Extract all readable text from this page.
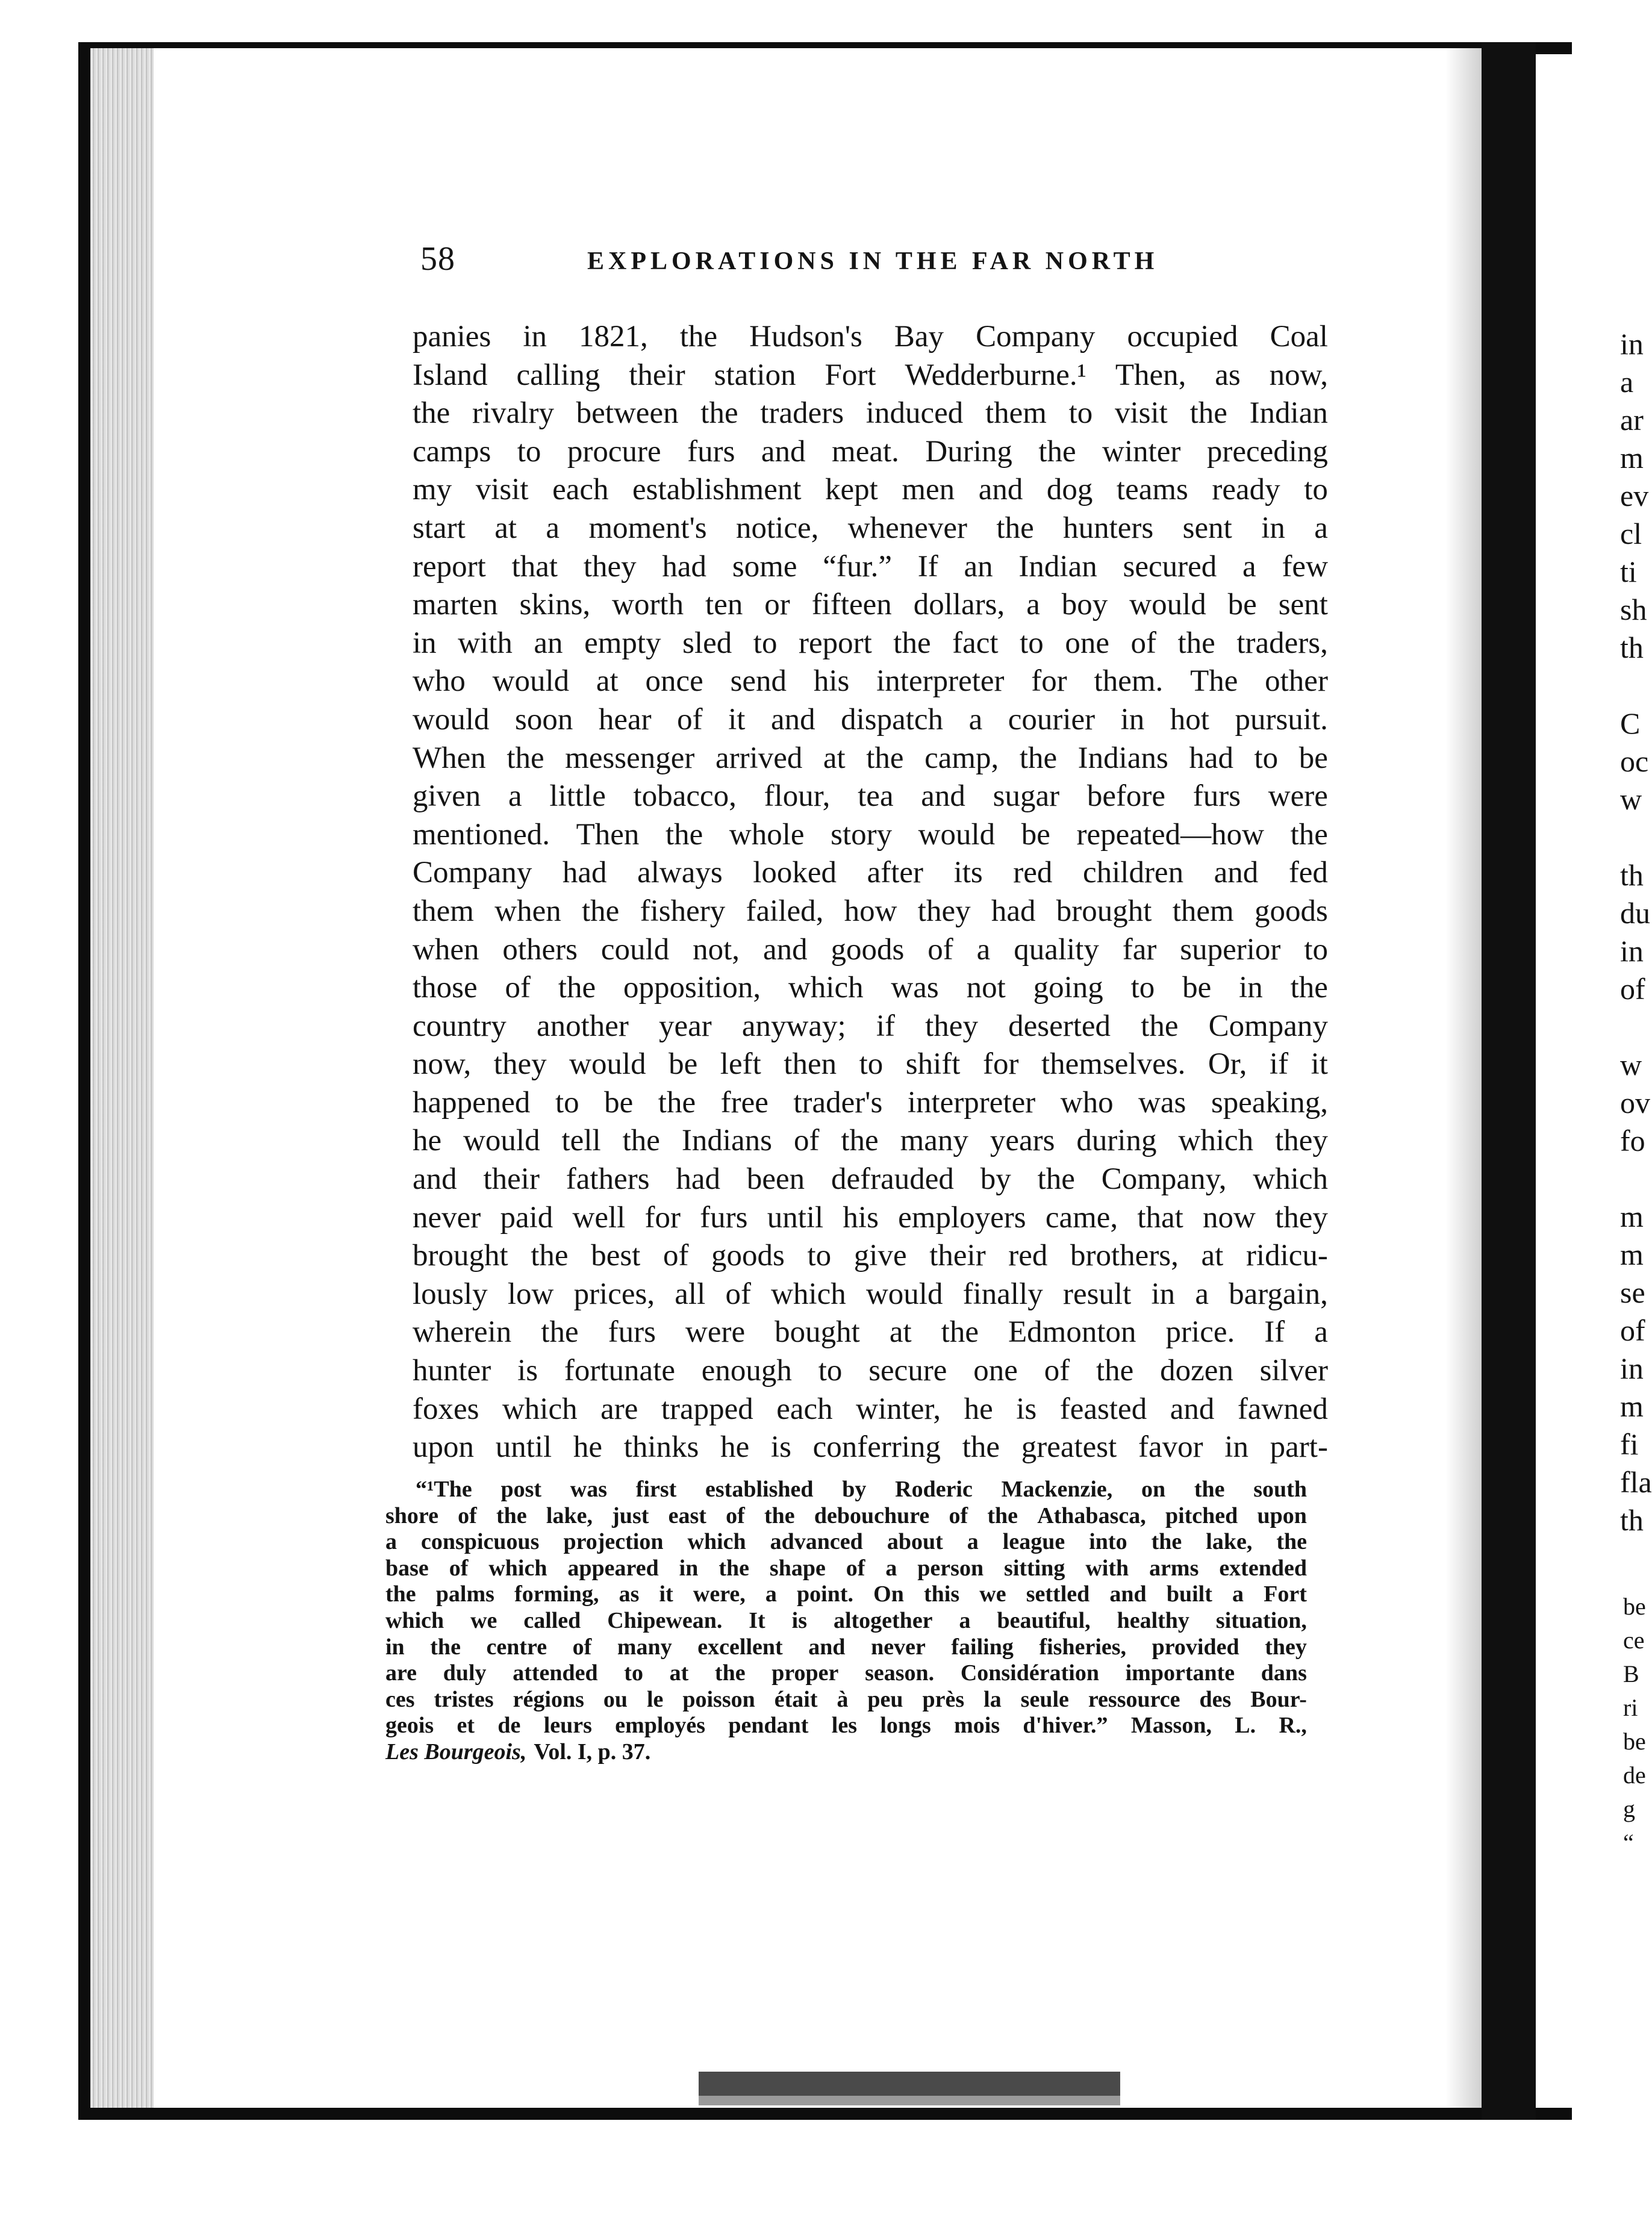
58	EXPLORATIONS IN THE FAR NORTH
panies in 1821, the Hudson's Bay Company occupied Coal
Island calling their station Fort Wedderburne.¹ Then, as now,
the rivalry between the traders induced them to visit the Indian
camps to procure furs and meat. During the winter preceding
my visit each establishment kept men and dog teams ready to
start at a moment's notice, whenever the hunters sent in a
report that they had some “fur.” If an Indian secured a few
marten skins, worth ten or fifteen dollars, a boy would be sent
in with an empty sled to report the fact to one of the traders,
who would at once send his interpreter for them. The other
would soon hear of it and dispatch a courier in hot pursuit.
When the messenger arrived at the camp, the Indians had to be
given a little tobacco, flour, tea and sugar before furs were
mentioned. Then the whole story would be repeated—how the
Company had always looked after its red children and fed
them when the fishery failed, how they had brought them goods
when others could not, and goods of a quality far superior to
those of the opposition, which was not going to be in the
country another year anyway; if they deserted the Company
now, they would be left then to shift for themselves. Or, if it
happened to be the free trader's interpreter who was speaking,
he would tell the Indians of the many years during which they
and their fathers had been defrauded by the Company, which
never paid well for furs until his employers came, that now they
brought the best of goods to give their red brothers, at ridicu-
lously low prices, all of which would finally result in a bargain,
wherein the furs were bought at the Edmonton price. If a
hunter is fortunate enough to secure one of the dozen silver
foxes which are trapped each winter, he is feasted and fawned
upon until he thinks he is conferring the greatest favor in part-
“¹The post was first established by Roderic Mackenzie, on the south
shore of the lake, just east of the debouchure of the Athabasca, pitched upon
a conspicuous projection which advanced about a league into the lake, the
base of which appeared in the shape of a person sitting with arms extended
the palms forming, as it were, a point. On this we settled and built a Fort
which we called Chipewean. It is altogether a beautiful, healthy situation,
in the centre of many excellent and never failing fisheries, provided they
are duly attended to at the proper season. Considération importante dans
ces tristes régions ou le poisson était à peu près la seule ressource des Bour-
geois et de leurs employés pendant les longs mois d'hiver.” Masson, L. R.,
Les Bourgeois, Vol. I, p. 37.
in
a
ar
m
ev
cl
ti
sh
th

C
oc
w

th
du
in
of

w
ov
fo

m
m
se
of
in
m
fi
fla
th
be
ce
B
ri
be
de
g
“
